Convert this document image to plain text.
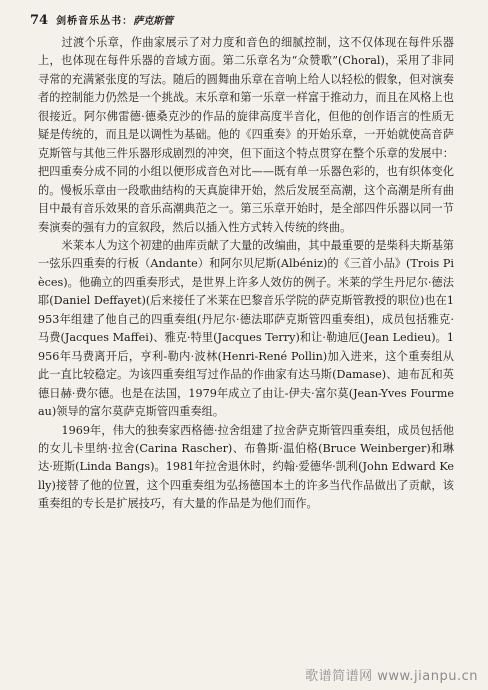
74 剑桥音乐丛书： 萨克斯管

过渡个乐章，作曲家展示了对力度和音色的细腻控制，这不仅体现在每件乐器上，也体现在每件乐器的音域方面。第二乐章名为“众赞歌”(Choral)，采用了非同寻常的充满紧张度的写法。随后的圆舞曲乐章在音响上给人以轻松的假象，但对演奏者的控制能力仍然是一个挑战。末乐章和第一乐章一样富于推动力，而且在风格上也很接近。阿尔佛雷德·德桑克沙的作品的旋律高度半音化，但他的创作语言的性质无疑是传统的，而且是以调性为基础。他的《四重奏》的开始乐章，一开始就使高音萨克斯管与其他三件乐器形成剧烈的冲突，但下面这个特点贯穿在整个乐章的发展中：把四重奏分成不同的小组以便形成音色对比——既有单一乐器色彩的，也有织体变化的。慢板乐章由一段歌曲结构的天真旋律开始，然后发展至高潮，这个高潮是所有曲目中最有音乐效果的音乐高潮典范之一。第三乐章开始时，是全部四件乐器以同一节奏演奏的强有力的宣叙段，然后以插入性方式转入传统的终曲。

米莱本人为这个初建的曲库贡献了大量的改编曲，其中最重要的是柴科夫斯基第一弦乐四重奏的行板（Andante）和阿尔贝尼斯(Albéniz)的《三首小品》(Trois Pièces)。他确立的四重奏形式，是世界上许多人效仿的例子。米莱的学生丹尼尔·德法耶(Daniel Deffayet)(后来接任了米莱在巴黎音乐学院的萨克斯管教授的职位)也在1953年组建了他自己的四重奏组(丹尼尔·德法耶萨克斯管四重奏组)，成员包括雅克·马费(Jacques Maffei)、雅克·特里(Jacques Terry)和让·勒迪厄(Jean Ledieu)。1956年马费离开后，亨利-勒内·波林(Henri-René Pollin)加入进来，这个重奏组从此一直比较稳定。为该四重奏组写过作品的作曲家有达马斯(Damase)、迪布瓦和英德日赫·费尔德。也是在法国，1979年成立了由让-伊夫·富尔莫(Jean-Yves Fourmeau)领导的富尔莫萨克斯管四重奏组。

1969年，伟大的独奏家西格德·拉舍组建了拉舍萨克斯管四重奏组，成员包括他的女儿卡里纳·拉舍(Carina Rascher)、布鲁斯·温伯格(Bruce Weinberger)和琳达·班斯(Linda Bangs)。1981年拉舍退休时，约翰·爱德华·凯利(John Edward Kelly)接替了他的位置，这个四重奏组为弘扬德国本土的许多当代作品做出了贡献，该重奏组的专长是扩展技巧，有大量的作品是为他们而作。

歌谱简谱网 www.jianpu.cn
